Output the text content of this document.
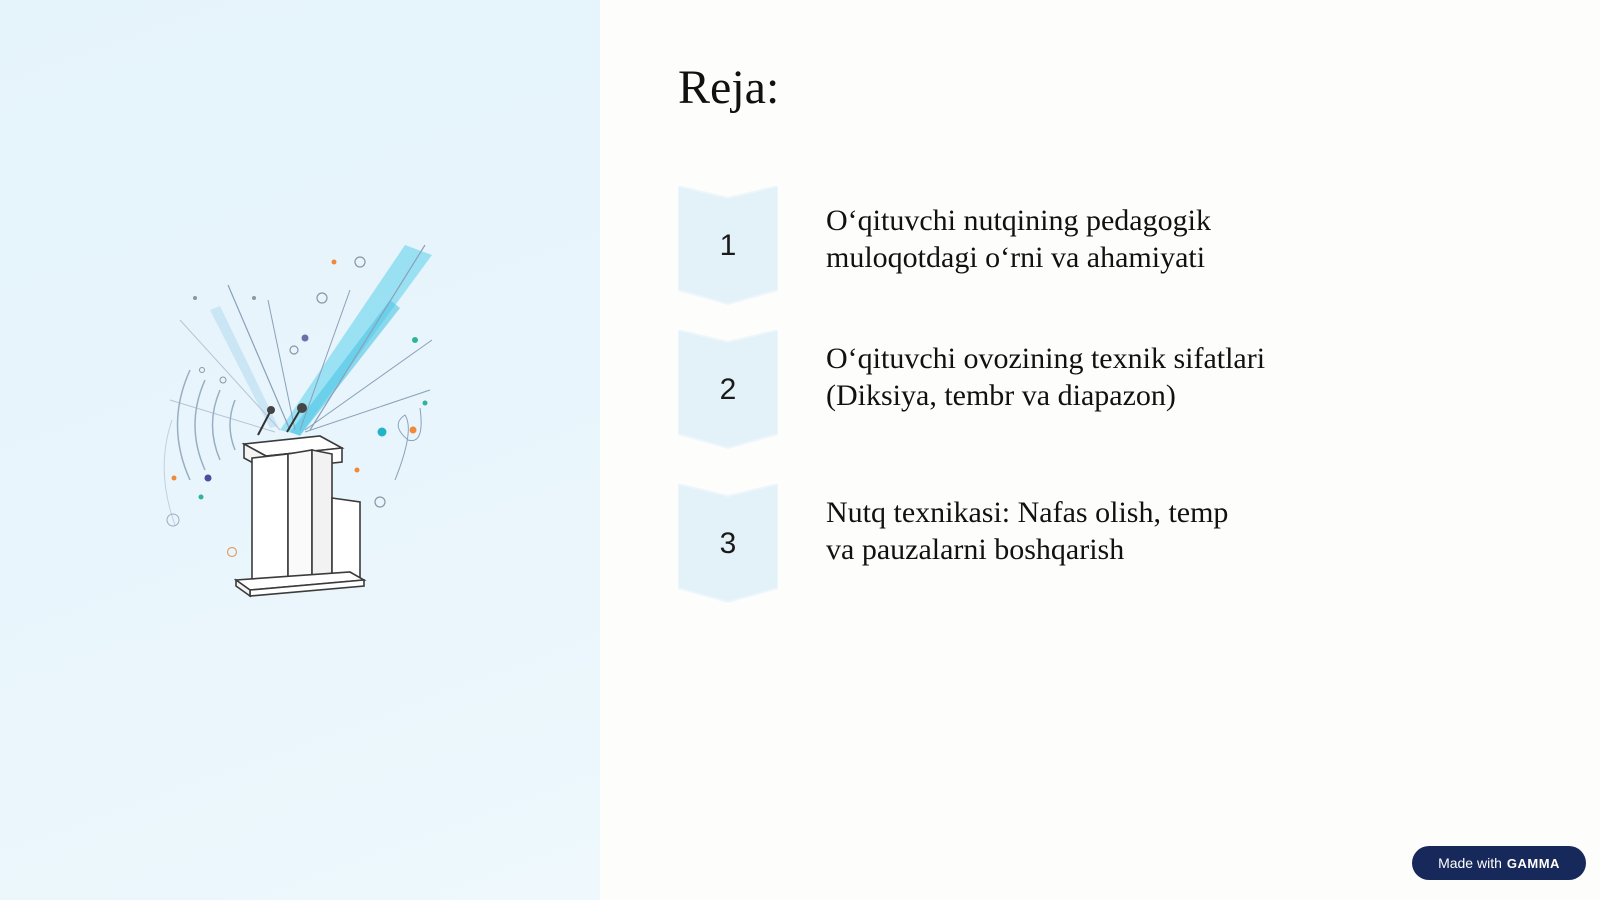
Reja:
1
O‘qituvchi nutqining pedagogik
muloqotdagi o‘rni va ahamiyati
2
O‘qituvchi ovozining texnik sifatlari
(Diksiya, tembr va diapazon)
3
Nutq texnikasi: Nafas olish, temp
va pauzalarni boshqarish
Made with GAMMA
